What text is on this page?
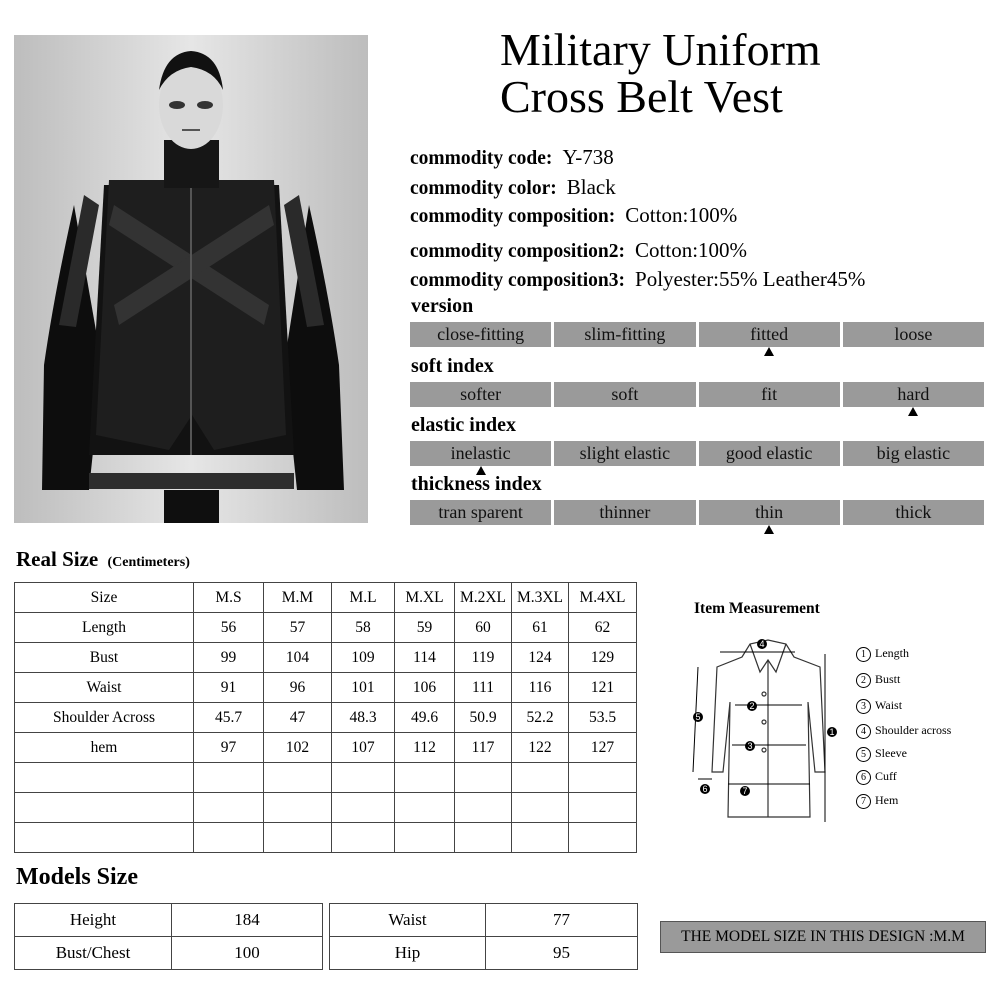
Military Uniform
Cross Belt Vest
commodity code: Y-738
commodity color: Black
commodity composition: Cotton:100%
commodity composition2: Cotton:100%
commodity composition3: Polyester:55% Leather45%
version
close-fitting	slim-fitting	fitted	loose
soft index
softer	soft	fit	hard
elastic index
inelastic	slight elastic	good elastic	big elastic
thickness index
tran sparent	thinner	thin	thick
Real Size (Centimeters)
Size	M.S	M.M	M.L	M.XL	M.2XL	M.3XL	M.4XL
Length	56	57	58	59	60	61	62
Bust	99	104	109	114	119	124	129
Waist	91	96	101	106	111	116	121
Shoulder Across	45.7	47	48.3	49.6	50.9	52.2	53.5
hem	97	102	107	112	117	122	127

Item Measurement
1
2
3
4
5
6	7
1 Length
2 Bustt
3 Waist
4 Shoulder across
5 Sleeve
6 Cuff
7 Hem
Models Size
Height	184
Bust/Chest	100
Waist	77
Hip	95
THE MODEL SIZE IN THIS DESIGN :M.M
